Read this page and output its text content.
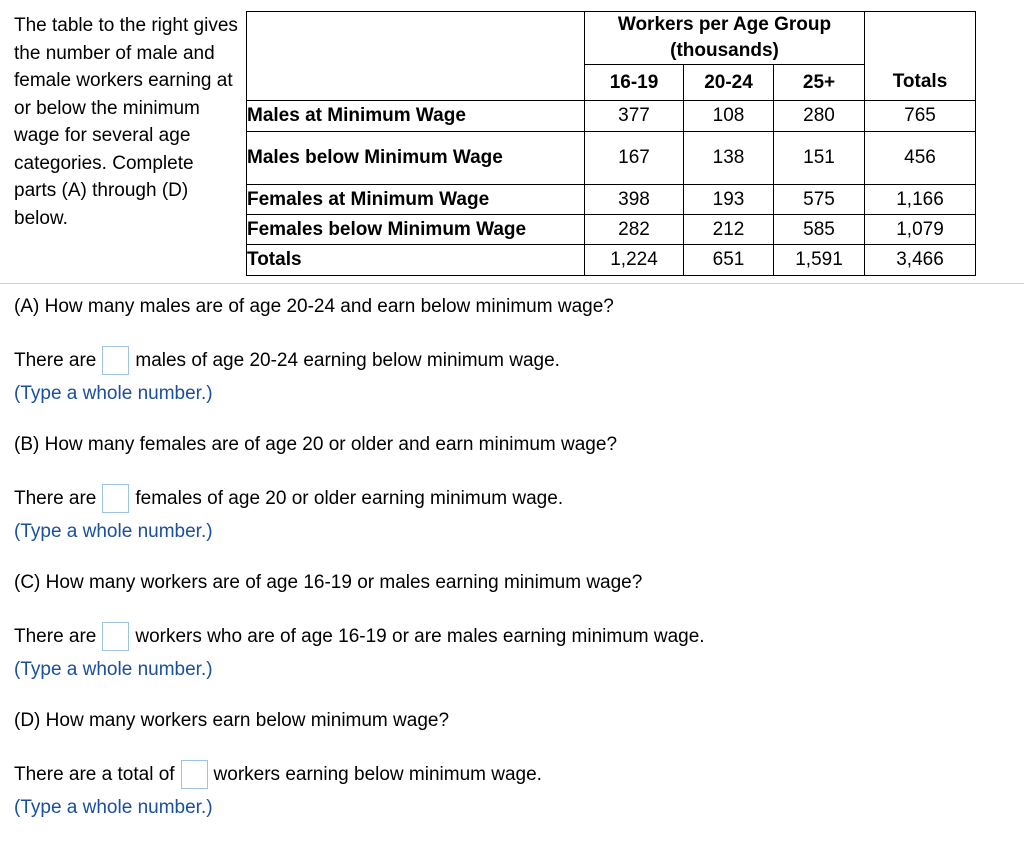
The table to the right gives the number of male and female workers earning at or below the minimum wage for several age categories. Complete parts (A) through (D) below.

	Workers per Age Group
(thousands)			
	16-19	20-24	25+	Totals
Males at Minimum Wage	377	108	280	765
Males below Minimum Wage	167	138	151	456
Females at Minimum Wage	398	193	575	1,166
Females below Minimum Wage	282	212	585	1,079
Totals	1,224	651	1,591	3,466

(A) How many males are of age 20-24 and earn below minimum wage?

There are males of age 20-24 earning below minimum wage.

(Type a whole number.)

(B) How many females are of age 20 or older and earn minimum wage?

There are females of age 20 or older earning minimum wage.

(Type a whole number.)

(C) How many workers are of age 16-19 or males earning minimum wage?

There are workers who are of age 16-19 or are males earning minimum wage.

(Type a whole number.)

(D) How many workers earn below minimum wage?

There are a total of workers earning below minimum wage.

(Type a whole number.)
